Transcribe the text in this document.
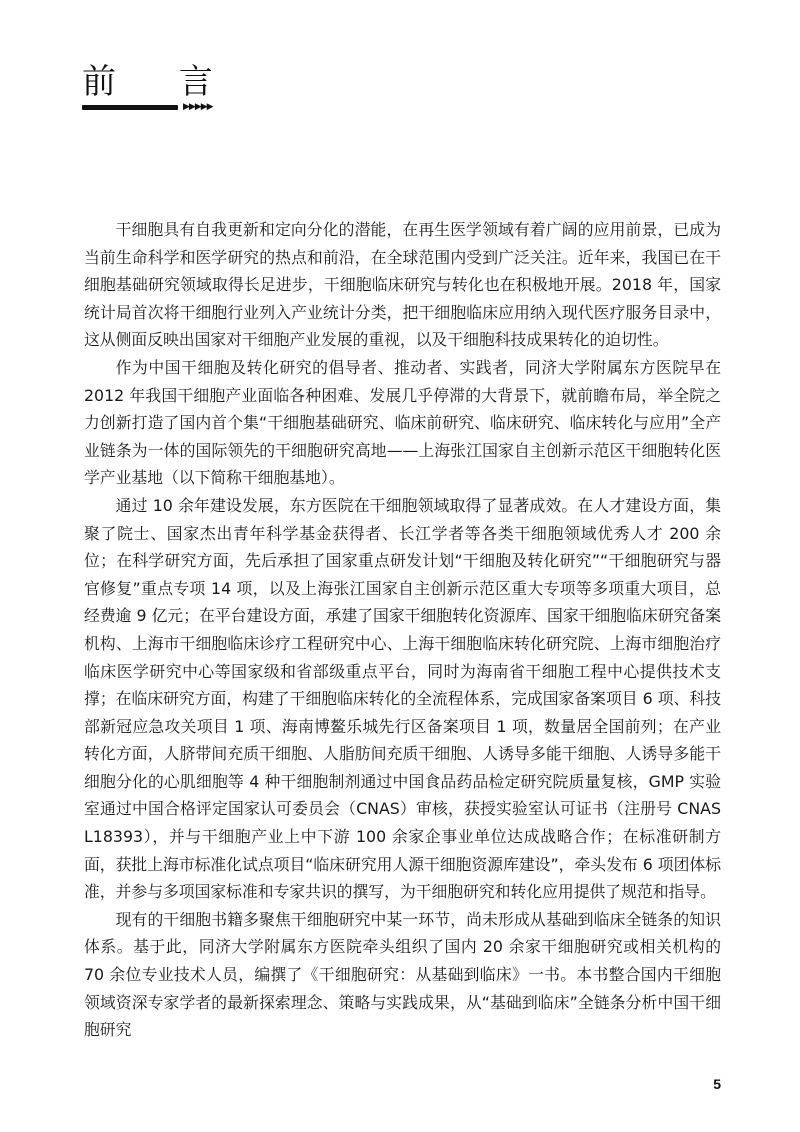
前 言
▶▶▶▶▶

干细胞具有自我更新和定向分化的潜能，在再生医学领域有着广阔的应用前景，已成为当前生命科学和医学研究的热点和前沿，在全球范围内受到广泛关注。近年来，我国已在干细胞基础研究领域取得长足进步，干细胞临床研究与转化也在积极地开展。2018 年，国家统计局首次将干细胞行业列入产业统计分类，把干细胞临床应用纳入现代医疗服务目录中，这从侧面反映出国家对干细胞产业发展的重视，以及干细胞科技成果转化的迫切性。

作为中国干细胞及转化研究的倡导者、推动者、实践者，同济大学附属东方医院早在 2012 年我国干细胞产业面临各种困难、发展几乎停滞的大背景下，就前瞻布局，举全院之力创新打造了国内首个集“干细胞基础研究、临床前研究、临床研究、临床转化与应用”全产业链条为一体的国际领先的干细胞研究高地——上海张江国家自主创新示范区干细胞转化医学产业基地（以下简称干细胞基地）。

通过 10 余年建设发展，东方医院在干细胞领域取得了显著成效。在人才建设方面，集聚了院士、国家杰出青年科学基金获得者、长江学者等各类干细胞领域优秀人才 200 余位；在科学研究方面，先后承担了国家重点研发计划“干细胞及转化研究”“干细胞研究与器官修复”重点专项 14 项，以及上海张江国家自主创新示范区重大专项等多项重大项目，总经费逾 9 亿元；在平台建设方面，承建了国家干细胞转化资源库、国家干细胞临床研究备案机构、上海市干细胞临床诊疗工程研究中心、上海干细胞临床转化研究院、上海市细胞治疗临床医学研究中心等国家级和省部级重点平台，同时为海南省干细胞工程中心提供技术支撑；在临床研究方面，构建了干细胞临床转化的全流程体系，完成国家备案项目 6 项、科技部新冠应急攻关项目 1 项、海南博鳌乐城先行区备案项目 1 项，数量居全国前列；在产业转化方面，人脐带间充质干细胞、人脂肪间充质干细胞、人诱导多能干细胞、人诱导多能干细胞分化的心肌细胞等 4 种干细胞制剂通过中国食品药品检定研究院质量复核，GMP 实验室通过中国合格评定国家认可委员会（CNAS）审核，获授实验室认可证书（注册号 CNAS L18393），并与干细胞产业上中下游 100 余家企事业单位达成战略合作；在标准研制方面，获批上海市标准化试点项目“临床研究用人源干细胞资源库建设”，牵头发布 6 项团体标准，并参与多项国家标准和专家共识的撰写，为干细胞研究和转化应用提供了规范和指导。

现有的干细胞书籍多聚焦干细胞研究中某一环节，尚未形成从基础到临床全链条的知识体系。基于此，同济大学附属东方医院牵头组织了国内 20 余家干细胞研究或相关机构的 70 余位专业技术人员，编撰了《干细胞研究：从基础到临床》一书。本书整合国内干细胞领域资深专家学者的最新探索理念、策略与实践成果，从“基础到临床”全链条分析中国干细胞研究

5
